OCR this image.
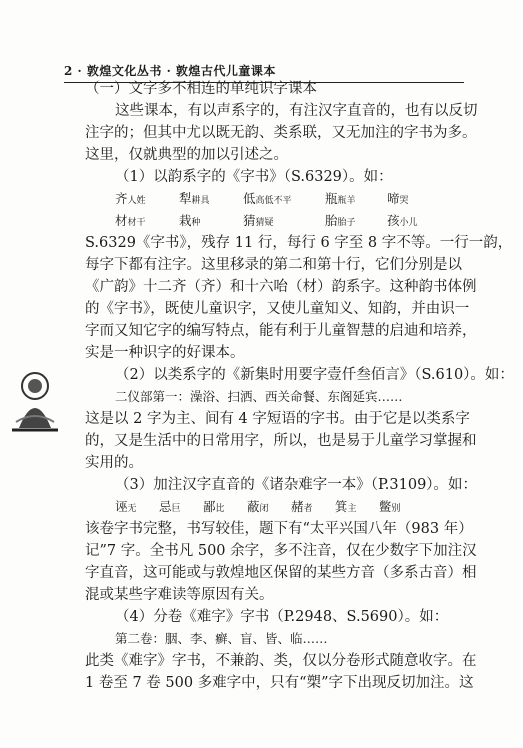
2 · 敦煌文化丛书 · 敦煌古代儿童课本
（一）文字多不相连的单纯识字课本
这些课本，有以声系字的，有注汉字直音的，也有以反切
注字的；但其中尤以既无韵、类系联，又无加注的字书为多。
这里，仅就典型的加以引述之。
（1）以韵系字的《字书》（S.6329）。如：
齐人姓	犁耕具	低高低不平	瓶瓶羊	啼哭
材材干	栽种	猜猜疑	胎胎子	孩小儿
S.6329《字书》，残存 11 行，每行 6 字至 8 字不等。一行一韵，
每字下都有注字。这里移录的第二和第十行，它们分别是以
《广韵》十二齐（齐）和十六咍（材）韵系字。这种韵书体例
的《字书》，既使儿童识字，又使儿童知义、知韵，并由识一
字而又知它字的编写特点，能有利于儿童智慧的启迪和培养，
实是一种识字的好课本。
（2）以类系字的《新集时用要字壹仟叁佰言》（S.610）。如：
二仪部第一：澡浴、扫洒、西关命餐、东阁延宾……
这是以 2 字为主、间有 4 字短语的字书。由于它是以类系字
的，又是生活中的日常用字，所以，也是易于儿童学习掌握和
实用的。
（3）加注汉字直音的《诸杂难字一本》（P.3109）。如：
诬无 忌巨 鄙比 蔽闭 赭者 箕主 鳖别
该卷字书完整，书写较佳，题下有“太平兴国八年（983 年）
记”7 字。全书凡 500 余字，多不注音，仅在少数字下加注汉
字直音，这可能或与敦煌地区保留的某些方音（多系古音）相
混或某些字难读等原因有关。
（4）分卷《难字》字书（P.2948、S.5690）。如：
第二卷：胭、李、癣、盲、皆、临……
此类《难字》字书，不兼韵、类，仅以分卷形式随意收字。在
1 卷至 7 卷 500 多难字中，只有“槊”字下出现反切加注。这
